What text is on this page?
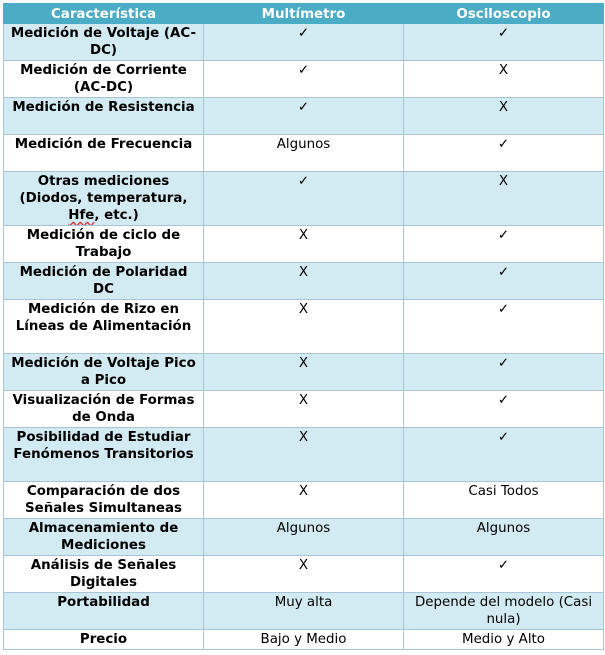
Característica	Multímetro	Osciloscopio
Medición de Voltaje (AC-DC)	✓	✓
Medición de Corriente (AC-DC)	✓	X
Medición de Resistencia	✓	X
Medición de Frecuencia	Algunos	✓
Otras mediciones (Diodos, temperatura, Hfe, etc.)	✓	X
Medición de ciclo de Trabajo	X	✓
Medición de Polaridad DC	X	✓
Medición de Rizo en Líneas de Alimentación	X	✓
Medición de Voltaje Pico a Pico	X	✓
Visualización de Formas de Onda	X	✓
Posibilidad de Estudiar Fenómenos Transitorios	X	✓
Comparación de dos Señales Simultaneas	X	Casi Todos
Almacenamiento de Mediciones	Algunos	Algunos
Análisis de Señales Digitales	X	✓
Portabilidad	Muy alta	Depende del modelo (Casi nula)
Precio	Bajo y Medio	Medio y Alto
